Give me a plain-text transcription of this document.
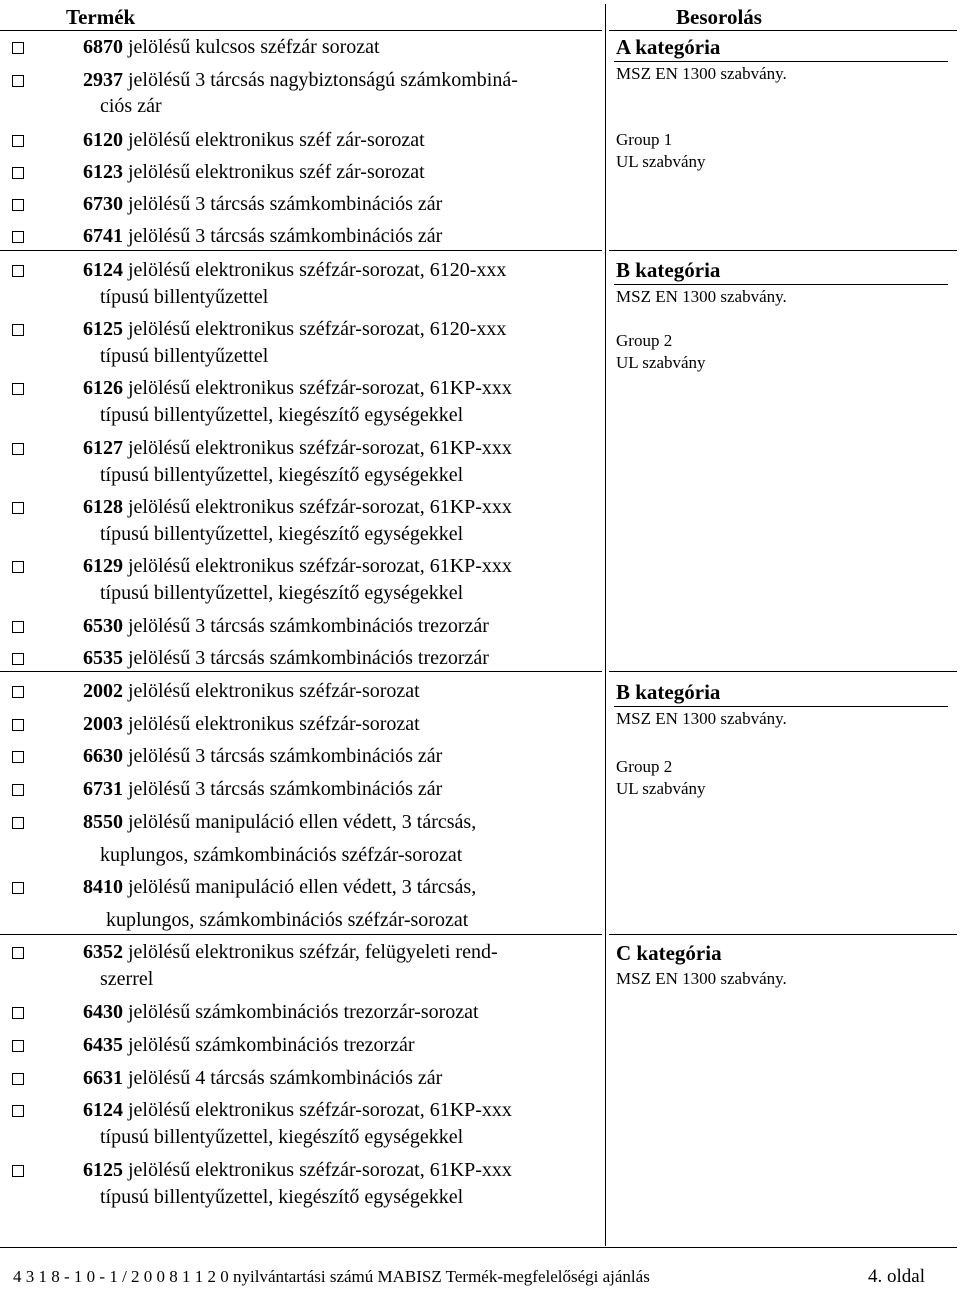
Termék	Besorolás
6870 jelölésű kulcsos széfzár sorozat
2937 jelölésű 3 tárcsás nagybiztonságú számkombiná-
ciós zár
6120 jelölésű elektronikus széf zár-sorozat
6123 jelölésű elektronikus széf zár-sorozat
6730 jelölésű 3 tárcsás számkombinációs zár
6741 jelölésű 3 tárcsás számkombinációs zár
6124 jelölésű elektronikus széfzár-sorozat, 6120-xxx
típusú billentyűzettel
6125 jelölésű elektronikus széfzár-sorozat, 6120-xxx
típusú billentyűzettel
6126 jelölésű elektronikus széfzár-sorozat, 61KP-xxx
típusú billentyűzettel, kiegészítő egységekkel
6127 jelölésű elektronikus széfzár-sorozat, 61KP-xxx
típusú billentyűzettel, kiegészítő egységekkel
6128 jelölésű elektronikus széfzár-sorozat, 61KP-xxx
típusú billentyűzettel, kiegészítő egységekkel
6129 jelölésű elektronikus széfzár-sorozat, 61KP-xxx
típusú billentyűzettel, kiegészítő egységekkel
6530 jelölésű 3 tárcsás számkombinációs trezorzár
6535 jelölésű 3 tárcsás számkombinációs trezorzár
2002 jelölésű elektronikus széfzár-sorozat
2003 jelölésű elektronikus széfzár-sorozat
6630 jelölésű 3 tárcsás számkombinációs zár
6731 jelölésű 3 tárcsás számkombinációs zár
8550 jelölésű manipuláció ellen védett, 3 tárcsás,
kuplungos, számkombinációs széfzár-sorozat
8410 jelölésű manipuláció ellen védett, 3 tárcsás,
kuplungos, számkombinációs széfzár-sorozat
6352 jelölésű elektronikus széfzár, felügyeleti rend-
szerrel
6430 jelölésű számkombinációs trezorzár-sorozat
6435 jelölésű számkombinációs trezorzár
6631 jelölésű 4 tárcsás számkombinációs zár
6124 jelölésű elektronikus széfzár-sorozat, 61KP-xxx
típusú billentyűzettel, kiegészítő egységekkel
6125 jelölésű elektronikus széfzár-sorozat, 61KP-xxx
típusú billentyűzettel, kiegészítő egységekkel
A kategória
MSZ EN 1300 szabvány.
Group 1
UL szabvány
B kategória
MSZ EN 1300 szabvány.
Group 2
UL szabvány
B kategória
MSZ EN 1300 szabvány.
Group 2
UL szabvány
C kategória
MSZ EN 1300 szabvány.
4 3 1 8 - 1 0 - 1 / 2 0 0 8 1 1 2 0 nyilvántartási számú MABISZ Termék-megfelelőségi ajánlás	4. oldal
